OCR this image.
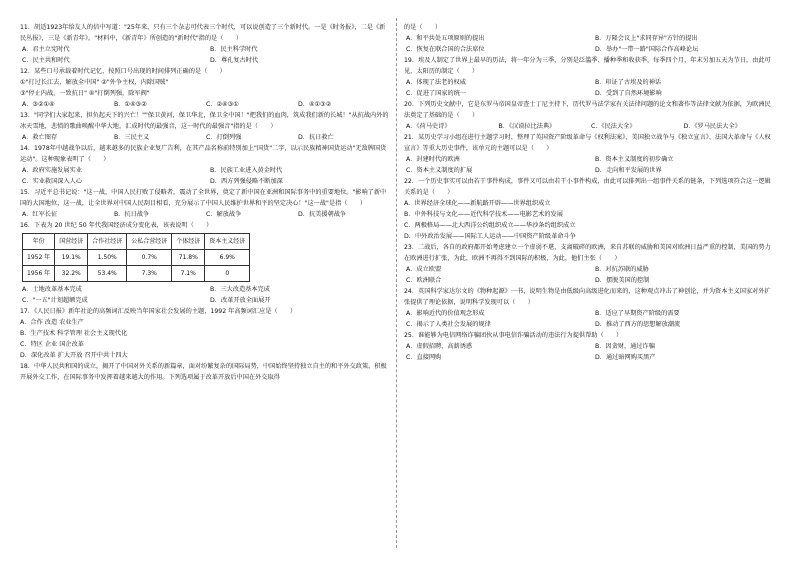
11．胡适1923年给友人的信中写道："25年来，只有三个杂志可代表三个时代，可以说创造了三个新时代。一是《时务报》，二是《新民丛报》，三是《新青年》。"材料中，《新青年》所创造的"新时代"指的是（　　）
A．君主立宪时代	B．民主科学时代
C．民主共和时代	D．尊孔复古时代
12．某些口号承载着时代记忆，按照口号出现的时间排列正确的是（　　）
①"打过长江去，解放全中国" ②"外争主权，内除国贼"
③"停止内战，一致抗日" ④"打倒列强，除军阀"
A．③②①④	B．①④③②	C．②④③①	D．④①③②
13．"同学们大家起来，担负起天下的兴亡！""保卫黄河，保卫华北，保卫全中国！"把我们的血肉，筑成我们新的长城！"从抗战内外的冰天雪地，悲愤的歌曲唤醒中华大地，汇成时代的最强音，这一时代的最强音"指的是（　　）
A．救亡图存	B．三民主义	C．打倒列强	D．抗日救亡
14．1978年中越战争以后，越来越多的民族企业复广告利，在其产品名称前特别加上"国货"二字，以示民族精神国货运动"无敌牌国货运动"。这种现象表明了（　　）
A．政府实施发展实业	B．民族工业进入黄金时代
C．实业救国深入人心	D．西方列强侵略不断加深
15．习近平总书记说："这一战，中国人民打败了侵略者，震动了全世界，奠定了新中国在亚洲和国际事务中的重要地位。"影响了新中国的大国地位，这一战，让全世界对中国人民刮目相看，充分展示了中国人民维护世界和平的坚定决心！"这一战"是指（　　）
A．红军长征	B．抗日战争	C．解放战争	D．抗美援朝战争
16．下表为 20 世纪 50 年代我国经济成分变化表，该表说明（　　）
年份	国营经济	合作社经济	公私合营经济	个体经济	资本主义经济
1952 年	19.1%	1.50%	0.7%	71.8%	6.9%
1956 年	32.2%	53.4%	7.3%	7.1%	0
A．土地改革基本完成	B．三大改造基本完成
C．"一五"计划超额完成	D．改革开放全面展开
17．《人民日报》新年社论的高频词汇反映当年国家社会发展的主题，1992 年高频词汇应是（　　）
A．合作 改造 农业生产
B．生产技术 科学管理 社会主义现代化
C．特区 企业 国企改革
D．深化改革 扩大开放 召开中共十四大
18．中华人民共和国的成立，揭开了中国对外关系的新篇章，面对纷繁复杂的国际局势，中国始终坚持独立自主的和平外交政策，积极开展外交工作，在国际事务中发挥着越来越大的作用。下列选项属于改革开放后中国在外交取得
的是（　　）
A．和平共处五项原则的提出	B．万隆会议上"求同存异"方针的提出
C．恢复在联合国的合法席位	D．举办"一带一路"国际合作高峰论坛
19．埃及人制定了世界上最早的历法，将一年分为三季，分别是泛滥季、播种季和收获季，每季四个月，年末另加五天为节日，由此可见，太阳历的制定（　　）
A．体现了法老的权威	B．印证了古埃及的神话
C．促进了国家的统一	D．受到了自然环境影响
20．下列历史文献中，它是东罗马帝国皇帝查士丁尼主持下，历代罗马法学家有关法律问题的论文和著作等法律文献为依据，为欧洲民法奠定了基础的是（　　）
A．《荷马史诗》	B．《汉谟拉比法典》	C．《民法大全》	D．《罗马民法大全》
21．某历史学习小组在进行主题学习时，整理了英国资产阶级革命与《权利法案》、美国独立战争与《独立宣言》、法国大革命与《人权宣言》等重大历史事件，该单元的主题可以是（　　）
A．封建时代的欧洲	B．资本主义制度的初步确立
C．资本主义制度的扩展	D．走向和平发展的世界
22．一个历史事实可以由若干事件构成，事件又可以由若干小事件构成，由此可以排列出一组事件关系的链条，下列选项符合这一逻辑关系的是（　　）
A．世界经济全球化——新航路开辟——世界组织成立
B．中外科技与文化——近代科学技术——电影艺术的发展
C．两极格局——北大西洋公约组织成立——华沙条约组织成立
D．中外政治发展——国际工人运动——中国资产阶级革命斗争
23．二战后，各自的政府都开始考虑建立一个虚弱不堪、支离破碎的欧洲，来自苏联的威胁和美国对欧洲日益严重的控制，美国的势力在欧洲进行扩张，为此，欧洲不再得不到国际的积极，为此，他们主张（　　）
A．成立欧盟	B．对抗苏联的威胁
C．欧洲联合	D．摆脱美国的控制
24．英国科学家达尔文的《物种起源》一书，说明生物是由低级向高级进化而来的，这种观点冲击了神创论，并为资本主义国家对外扩张提供了理论依据，说明科学发现可以（　　）
A．影响近代的价值观念形成	B．适应了早期资产阶级的需要
C．揭示了人类社会发展的规律	D．推动了西方的思想解放潮流
25．谁能够为电信网络诈骗团伙从事电信诈骗活动的违法行为提供帮助（　　）
A．虚假招聘，高薪诱惑	B．因贪财，通过诈骗
C．直接网购	D．通过暗网购买黑产
